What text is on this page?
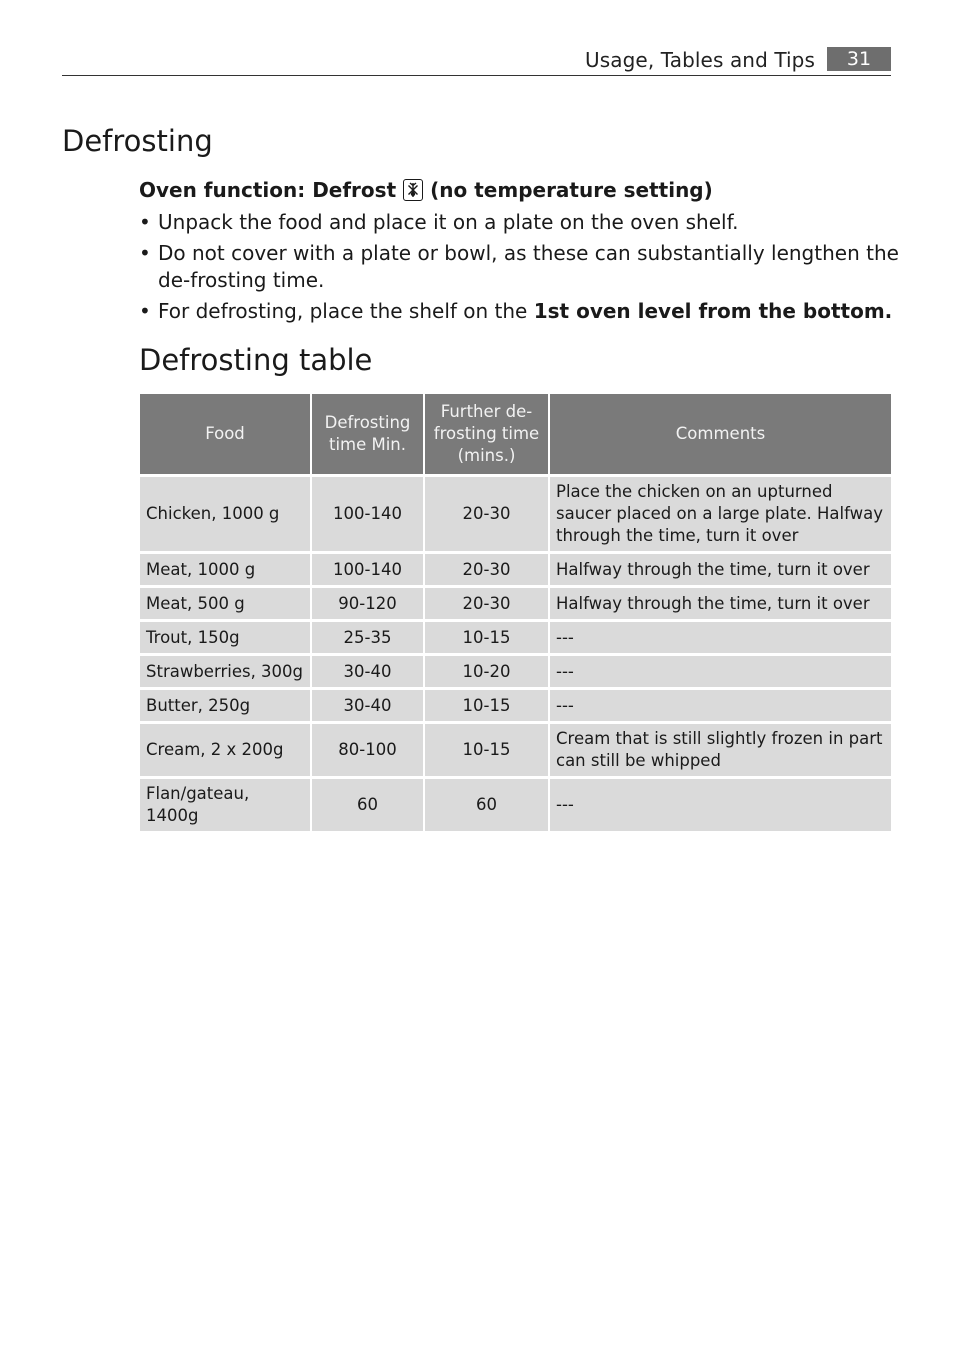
Usage, Tables and Tips	31
Defrosting
Oven function: Defrost (no temperature setting)
• Unpack the food and place it on a plate on the oven shelf.
• Do not cover with a plate or bowl, as these can substantially lengthen the de-frosting time.
• For defrosting, place the shelf on the 1st oven level from the bottom.
Defrosting table
Food	Defrosting time Min.	Further de-frosting time (mins.)	Comments
Chicken, 1000 g	100-140	20-30	Place the chicken on an upturned saucer placed on a large plate. Halfway through the time, turn it over
Meat, 1000 g	100-140	20-30	Halfway through the time, turn it over
Meat, 500 g	90-120	20-30	Halfway through the time, turn it over
Trout, 150g	25-35	10-15	---
Strawberries, 300g	30-40	10-20	---
Butter, 250g	30-40	10-15	---
Cream, 2 x 200g	80-100	10-15	Cream that is still slightly frozen in part can still be whipped
Flan/gateau, 1400g	60	60	---
